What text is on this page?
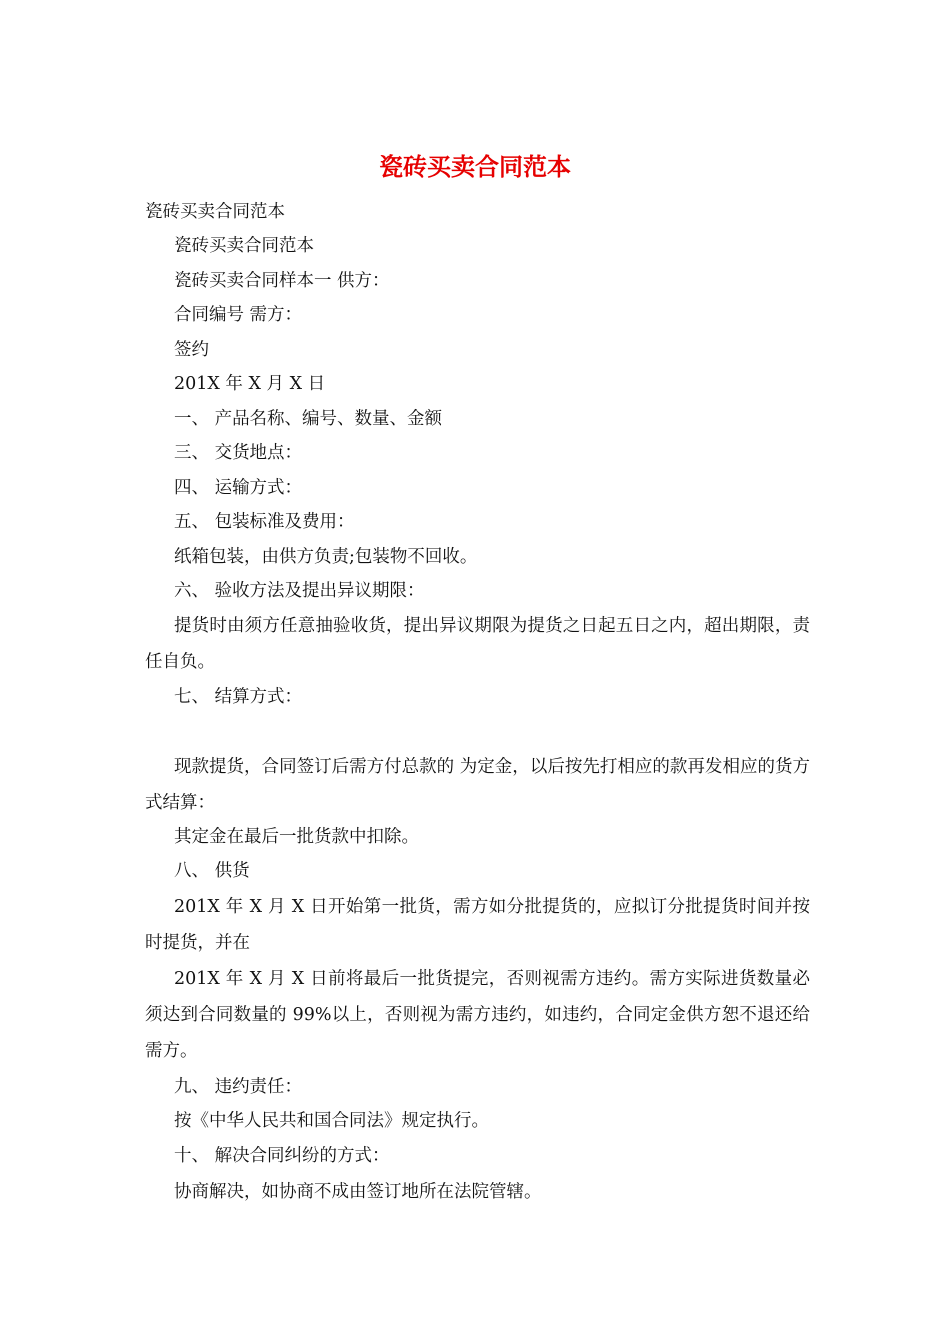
瓷砖买卖合同范本

瓷砖买卖合同范本

瓷砖买卖合同范本

瓷砖买卖合同样本一 供方：

合同编号 需方：

签约

201X 年 X 月 X 日

一、 产品名称、编号、数量、金额

三、 交货地点：

四、 运输方式：

五、 包装标准及费用：

纸箱包装，由供方负责;包装物不回收。

六、 验收方法及提出异议期限：

提货时由须方任意抽验收货，提出异议期限为提货之日起五日之内，超出期限，责任自负。

七、 结算方式：

现款提货，合同签订后需方付总款的 为定金，以后按先打相应的款再发相应的货方式结算：

其定金在最后一批货款中扣除。

八、 供货

201X 年 X 月 X 日开始第一批货，需方如分批提货的，应拟订分批提货时间并按时提货，并在

201X 年 X 月 X 日前将最后一批货提完，否则视需方违约。需方实际进货数量必须达到合同数量的 99%以上，否则视为需方违约，如违约，合同定金供方恕不退还给需方。

九、 违约责任：

按《中华人民共和国合同法》规定执行。

十、 解决合同纠纷的方式：

协商解决，如协商不成由签订地所在法院管辖。
